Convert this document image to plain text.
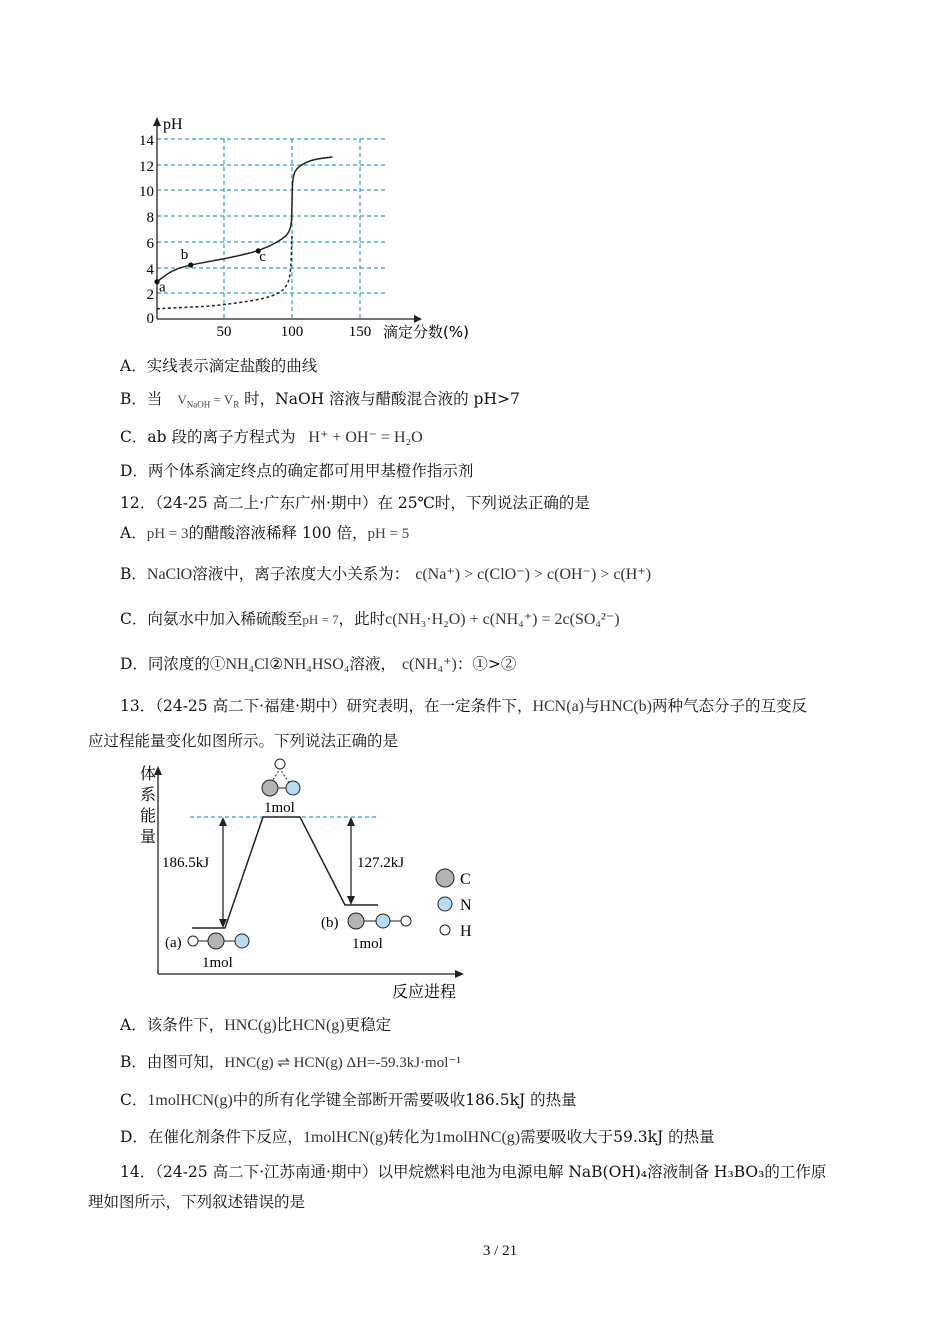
pH
14
12
10
8
6
4
2
0
50	100	150 滴定分数(%)
a
b	c
A．实线表示滴定盐酸的曲线
B．当 $V_{NaOH} = V_R$ 时，NaOH 溶液与醋酸混合液的 pH>7
C．ab 段的离子方程式为 H⁺ + OH⁻ = H₂O
D．两个体系滴定终点的确定都可用甲基橙作指示剂
12．（24-25 高二上·广东广州·期中）在 25℃时，下列说法正确的是
A．pH = 3的醋酸溶液稀释 100 倍，pH = 5
B．NaClO溶液中，离子浓度大小关系为： c(Na⁺) > c(ClO⁻) > c(OH⁻) > c(H⁺)
C．向氨水中加入稀硫酸至pH = 7，此时c(NH₃·H₂O) + c(NH₄⁺) = 2c(SO₄²⁻)
D．同浓度的①NH₄Cl②NH₄HSO₄溶液， c(NH₄⁺)：①>②
13．（24-25 高二下·福建·期中）研究表明，在一定条件下，HCN(a)与HNC(b)两种气态分子的互变反
应过程能量变化如图所示。下列说法正确的是
体
系
能
量
反应进程
186.5kJ	127.2kJ
1mol
(a)
1mol
(b)
1mol
C
N
H
A．该条件下，HNC(g)比HCN(g)更稳定
B．由图可知，HNC(g) ⇌ HCN(g) ΔH=-59.3kJ·mol⁻¹
C．1molHCN(g)中的所有化学键全部断开需要吸收186.5kJ 的热量
D．在催化剂条件下反应，1molHCN(g)转化为1molHNC(g)需要吸收大于59.3kJ 的热量
14．（24-25 高二下·江苏南通·期中）以甲烷燃料电池为电源电解 NaB(OH)₄溶液制备 H₃BO₃的工作原
理如图所示，下列叙述错误的是
3 / 21
